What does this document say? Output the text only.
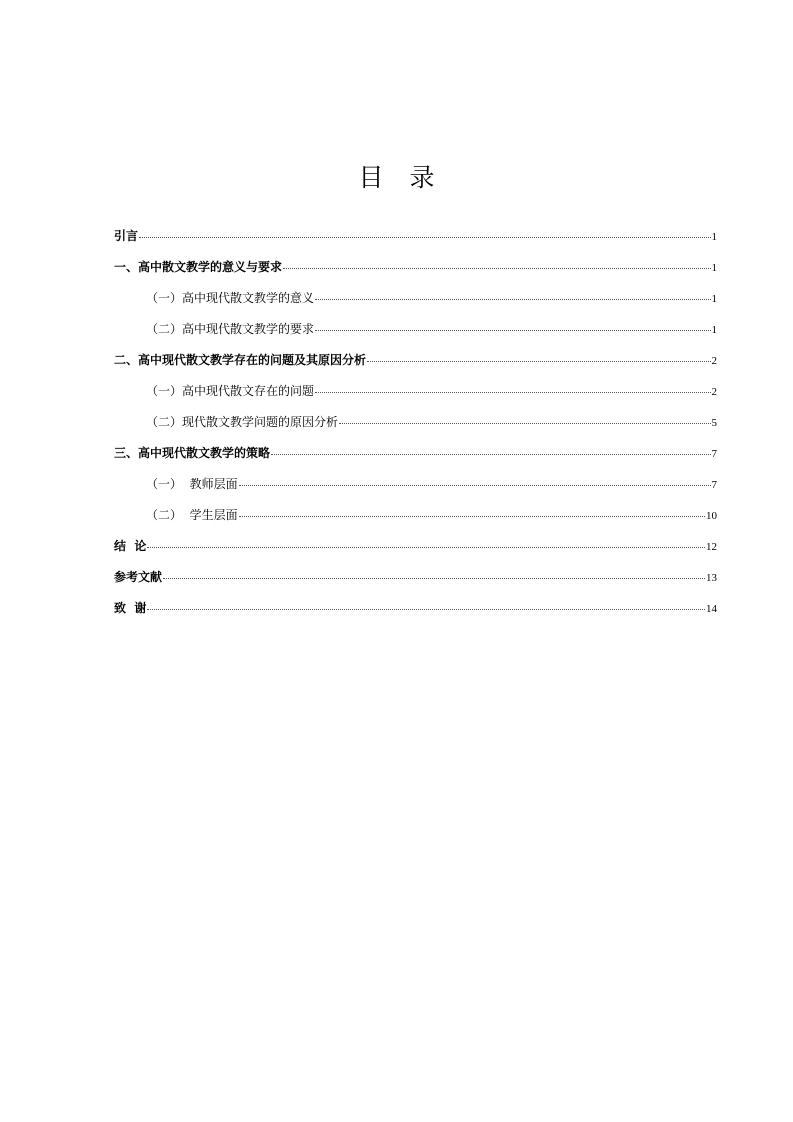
目录
引言	1
一、高中散文教学的意义与要求	1
（一）高中现代散文教学的意义	1
（二）高中现代散文教学的要求	1
二、高中现代散文教学存在的问题及其原因分析	2
（一）高中现代散文存在的问题	2
（二）现代散文教学问题的原因分析	5
三、高中现代散文教学的策略	7
（一）  教师层面	7
（二）  学生层面	10
结  论	12
参考文献	13
致  谢	14
